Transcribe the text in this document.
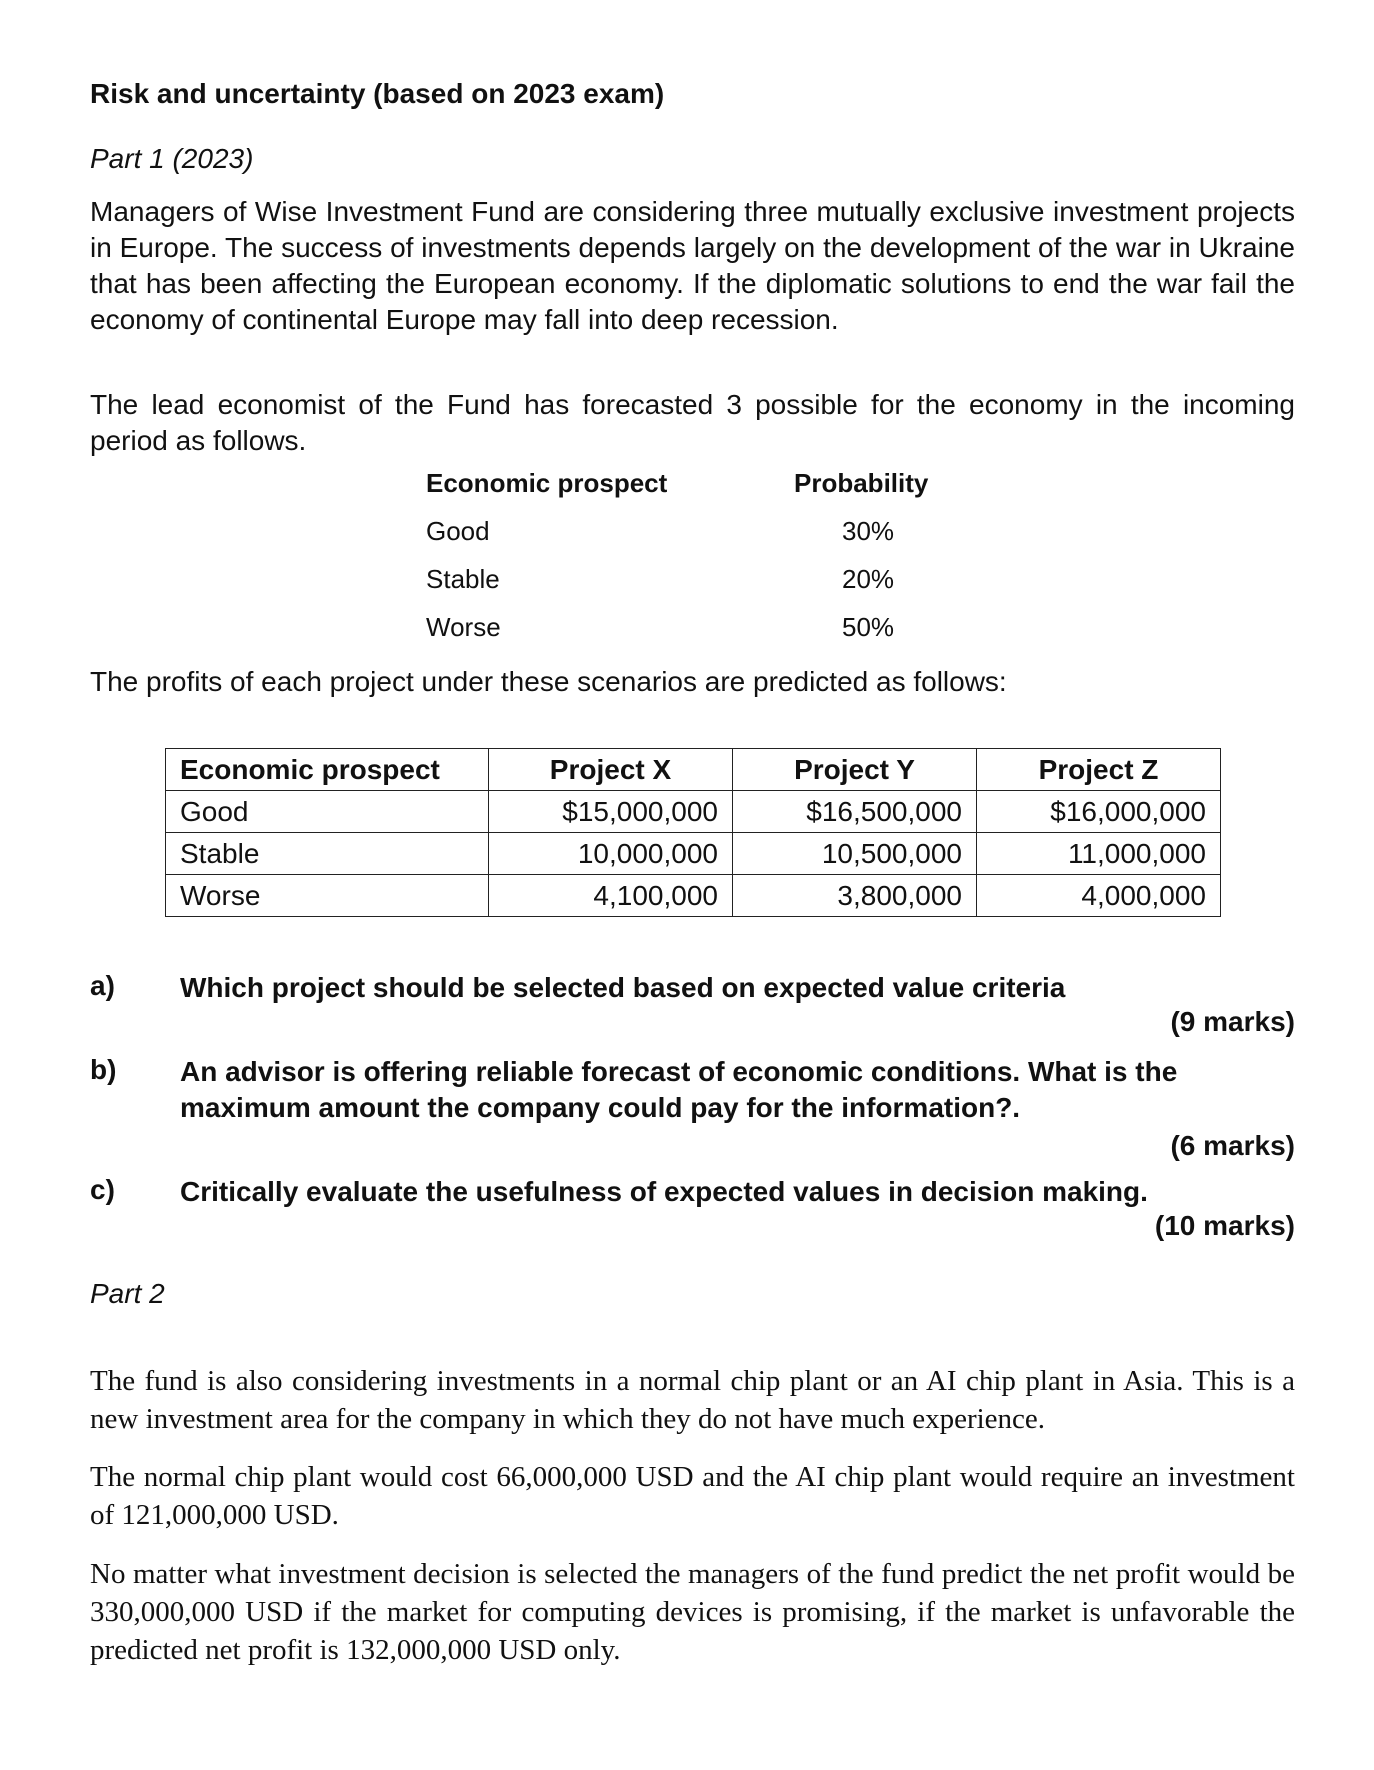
Risk and uncertainty (based on 2023 exam)
Part 1 (2023)

Managers of Wise Investment Fund are considering three mutually exclusive investment projects in Europe. The success of investments depends largely on the development of the war in Ukraine that has been affecting the European economy. If the diplomatic solutions to end the war fail the economy of continental Europe may fall into deep recession.

The lead economist of the Fund has forecasted 3 possible for the economy in the incoming period as follows.

Economic prospect	Probability
Good	30%
Stable	20%
Worse	50%
The profits of each project under these scenarios are predicted as follows:
Economic prospect	Project X	Project Y	Project Z
Good	$15,000,000	$16,500,000	$16,000,000
Stable	10,000,000	10,500,000	11,000,000
Worse	4,100,000	3,800,000	4,000,000
a) Which project should be selected based on expected value criteria
(9 marks)
b) An advisor is offering reliable forecast of economic conditions. What is the maximum amount the company could pay for the information?.
(6 marks)
c) Critically evaluate the usefulness of expected values in decision making.
(10 marks)
Part 2

The fund is also considering investments in a normal chip plant or an AI chip plant in Asia. This is a new investment area for the company in which they do not have much experience.

The normal chip plant would cost 66,000,000 USD and the AI chip plant would require an investment of 121,000,000 USD.

No matter what investment decision is selected the managers of the fund predict the net profit would be 330,000,000 USD if the market for computing devices is promising, if the market is unfavorable the predicted net profit is 132,000,000 USD only.
